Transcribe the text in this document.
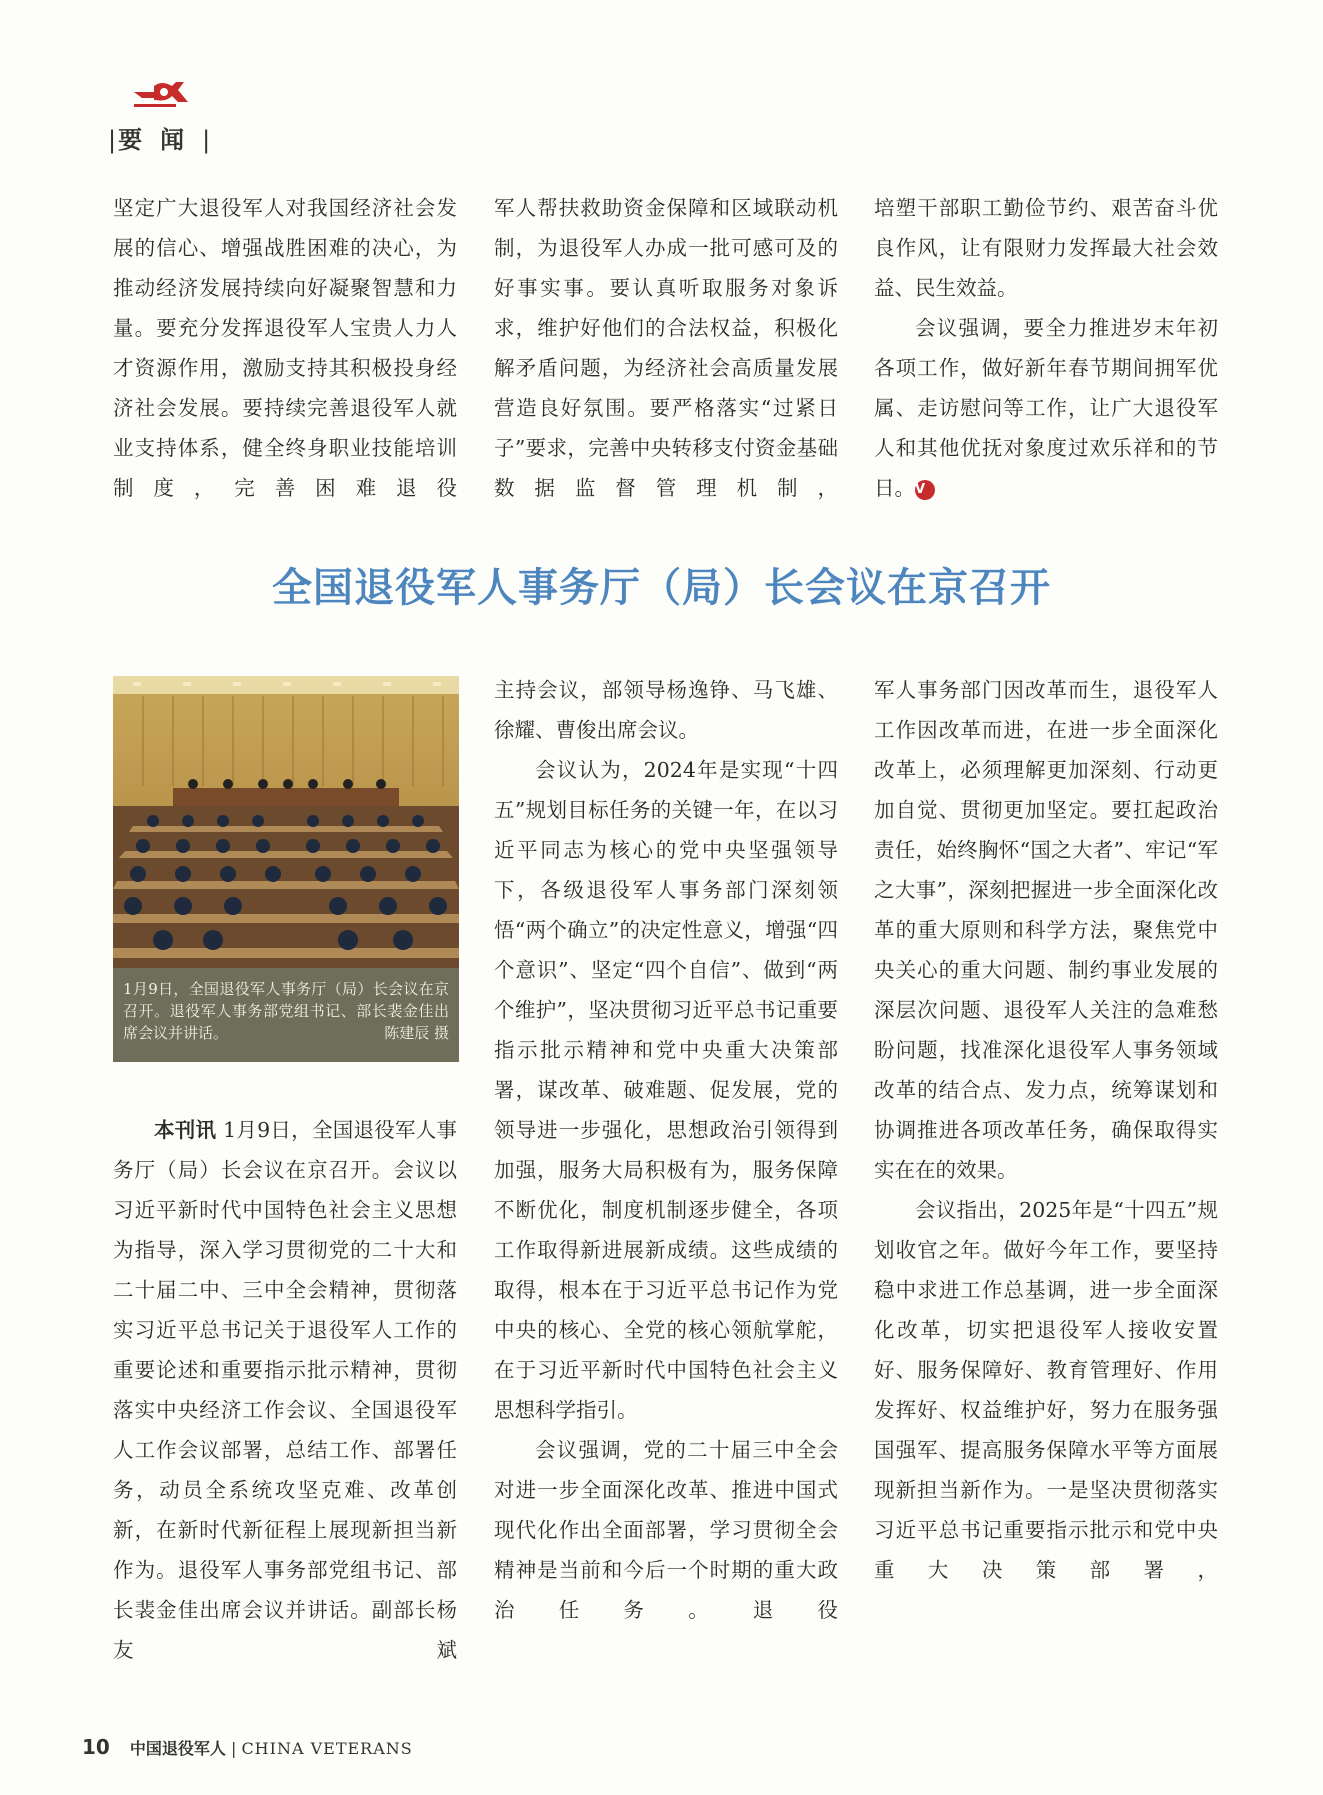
|要闻|

坚定广大退役军人对我国经济社会发展的信心、增强战胜困难的决心，为推动经济发展持续向好凝聚智慧和力量。要充分发挥退役军人宝贵人力人才资源作用，激励支持其积极投身经济社会发展。要持续完善退役军人就业支持体系，健全终身职业技能培训制度，完善困难退役

军人帮扶救助资金保障和区域联动机制，为退役军人办成一批可感可及的好事实事。要认真听取服务对象诉求，维护好他们的合法权益，积极化解矛盾问题，为经济社会高质量发展营造良好氛围。要严格落实“过紧日子”要求，完善中央转移支付资金基础数据监督管理机制，

培塑干部职工勤俭节约、艰苦奋斗优良作风，让有限财力发挥最大社会效益、民生效益。

会议强调，要全力推进岁末年初各项工作，做好新年春节期间拥军优属、走访慰问等工作，让广大退役军人和其他优抚对象度过欢乐祥和的节日。V

全国退役军人事务厅（局）长会议在京召开
1月9日，全国退役军人事务厅（局）长会议在京召开。退役军人事务部党组书记、部长裴金佳出席会议并讲话。	陈建辰 摄

本刊讯 1月9日，全国退役军人事务厅（局）长会议在京召开。会议以习近平新时代中国特色社会主义思想为指导，深入学习贯彻党的二十大和二十届二中、三中全会精神，贯彻落实习近平总书记关于退役军人工作的重要论述和重要指示批示精神，贯彻落实中央经济工作会议、全国退役军人工作会议部署，总结工作、部署任务，动员全系统攻坚克难、改革创新，在新时代新征程上展现新担当新作为。退役军人事务部党组书记、部长裴金佳出席会议并讲话。副部长杨友斌

主持会议，部领导杨逸铮、马飞雄、徐耀、曹俊出席会议。

会议认为，2024年是实现“十四五”规划目标任务的关键一年，在以习近平同志为核心的党中央坚强领导下，各级退役军人事务部门深刻领悟“两个确立”的决定性意义，增强“四个意识”、坚定“四个自信”、做到“两个维护”，坚决贯彻习近平总书记重要指示批示精神和党中央重大决策部署，谋改革、破难题、促发展，党的领导进一步强化，思想政治引领得到加强，服务大局积极有为，服务保障不断优化，制度机制逐步健全，各项工作取得新进展新成绩。这些成绩的取得，根本在于习近平总书记作为党中央的核心、全党的核心领航掌舵，在于习近平新时代中国特色社会主义思想科学指引。

会议强调，党的二十届三中全会对进一步全面深化改革、推进中国式现代化作出全面部署，学习贯彻全会精神是当前和今后一个时期的重大政治任务。退役

军人事务部门因改革而生，退役军人工作因改革而进，在进一步全面深化改革上，必须理解更加深刻、行动更加自觉、贯彻更加坚定。要扛起政治责任，始终胸怀“国之大者”、牢记“军之大事”，深刻把握进一步全面深化改革的重大原则和科学方法，聚焦党中央关心的重大问题、制约事业发展的深层次问题、退役军人关注的急难愁盼问题，找准深化退役军人事务领域改革的结合点、发力点，统筹谋划和协调推进各项改革任务，确保取得实实在在的效果。

会议指出，2025年是“十四五”规划收官之年。做好今年工作，要坚持稳中求进工作总基调，进一步全面深化改革，切实把退役军人接收安置好、服务保障好、教育管理好、作用发挥好、权益维护好，努力在服务强国强军、提高服务保障水平等方面展现新担当新作为。一是坚决贯彻落实习近平总书记重要指示批示和党中央重大决策部署，

10 中国退役军人 | CHINA VETERANS
